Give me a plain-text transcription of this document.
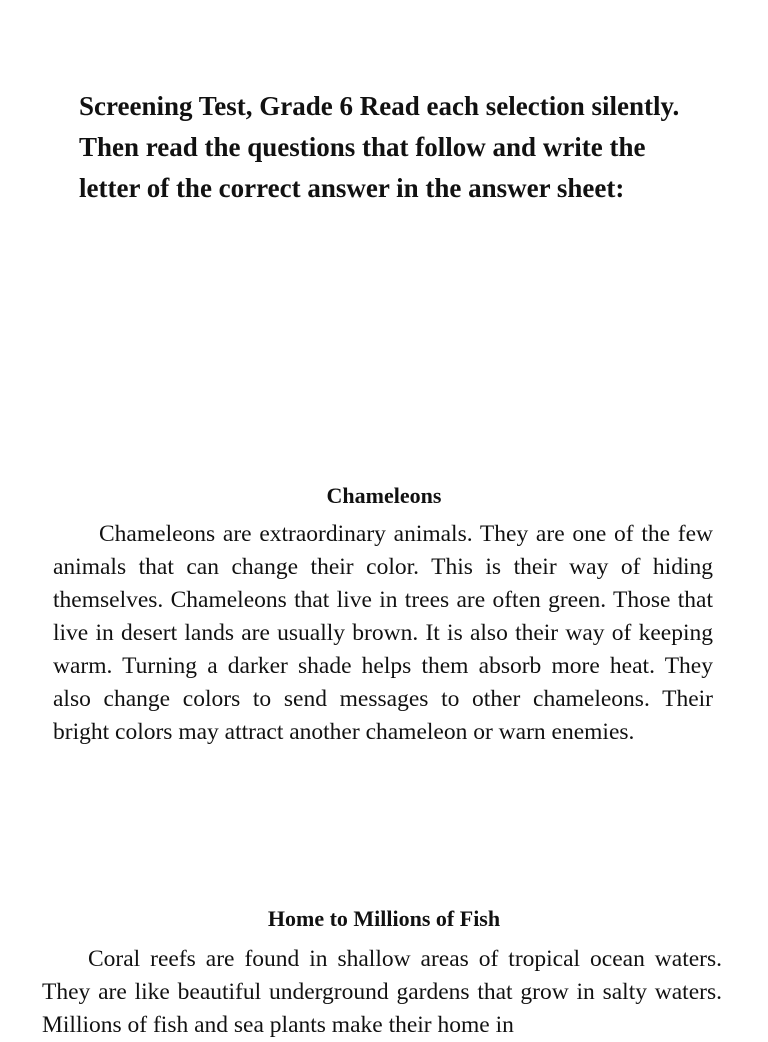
Screening Test, Grade 6 Read each selection silently. Then read the questions that follow and write the letter of the correct answer in the answer sheet:
Chameleons

Chameleons are extraordinary animals. They are one of the few animals that can change their color. This is their way of hiding themselves. Chameleons that live in trees are often green. Those that live in desert lands are usually brown. It is also their way of keeping warm. Turning a darker shade helps them absorb more heat. They also change colors to send messages to other chameleons. Their bright colors may attract another chameleon or warn enemies.

Home to Millions of Fish

Coral reefs are found in shallow areas of tropical ocean waters. They are like beautiful underground gardens that grow in salty waters. Millions of fish and sea plants make their home in
